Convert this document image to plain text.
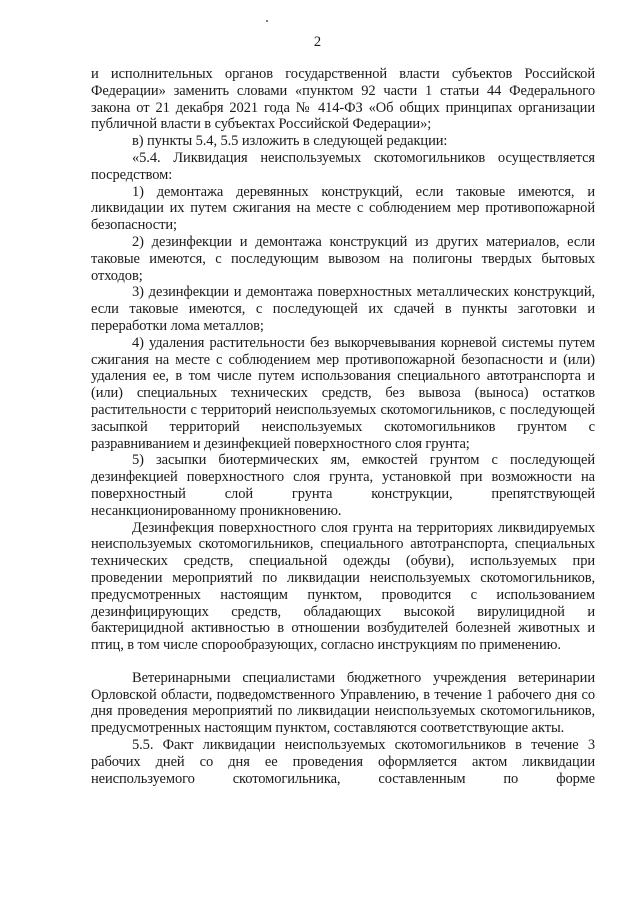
2

и исполнительных органов государственной власти субъектов Российской Федерации» заменить словами «пунктом 92 части 1 статьи 44 Федерального закона от 21 декабря 2021 года № 414-ФЗ «Об общих принципах организации публичной власти в субъектах Российской Федерации»;

в) пункты 5.4, 5.5 изложить в следующей редакции:

«5.4. Ликвидация неиспользуемых скотомогильников осуществляется посредством:

1) демонтажа деревянных конструкций, если таковые имеются, и ликвидации их путем сжигания на месте с соблюдением мер противопожарной безопасности;

2) дезинфекции и демонтажа конструкций из других материалов, если таковые имеются, с последующим вывозом на полигоны твердых бытовых отходов;

3) дезинфекции и демонтажа поверхностных металлических конструкций, если таковые имеются, с последующей их сдачей в пункты заготовки и переработки лома металлов;

4) удаления растительности без выкорчевывания корневой системы путем сжигания на месте с соблюдением мер противопожарной безопасности и (или) удаления ее, в том числе путем использования специального автотранспорта и (или) специальных технических средств, без вывоза (выноса) остатков растительности с территорий неиспользуемых скотомогильников, с последующей засыпкой территорий неиспользуемых скотомогильников грунтом с разравниванием и дезинфекцией поверхностного слоя грунта;

5) засыпки биотермических ям, емкостей грунтом с последующей дезинфекцией поверхностного слоя грунта, установкой при возможности на поверхностный слой грунта конструкции, препятствующей несанкционированному проникновению.

Дезинфекция поверхностного слоя грунта на территориях ликвидируемых неиспользуемых скотомогильников, специального автотранспорта, специальных технических средств, специальной одежды (обуви), используемых при проведении мероприятий по ликвидации неиспользуемых скотомогильников, предусмотренных настоящим пунктом, проводится с использованием дезинфицирующих средств, обладающих высокой вирулицидной и бактерицидной активностью в отношении возбудителей болезней животных и птиц, в том числе спорообразующих, согласно инструкциям по применению.

Ветеринарными специалистами бюджетного учреждения ветеринарии Орловской области, подведомственного Управлению, в течение 1 рабочего дня со дня проведения мероприятий по ликвидации неиспользуемых скотомогильников, предусмотренных настоящим пунктом, составляются соответствующие акты.

5.5. Факт ликвидации неиспользуемых скотомогильников в течение 3 рабочих дней со дня ее проведения оформляется актом ликвидации неиспользуемого скотомогильника, составленным по форме
